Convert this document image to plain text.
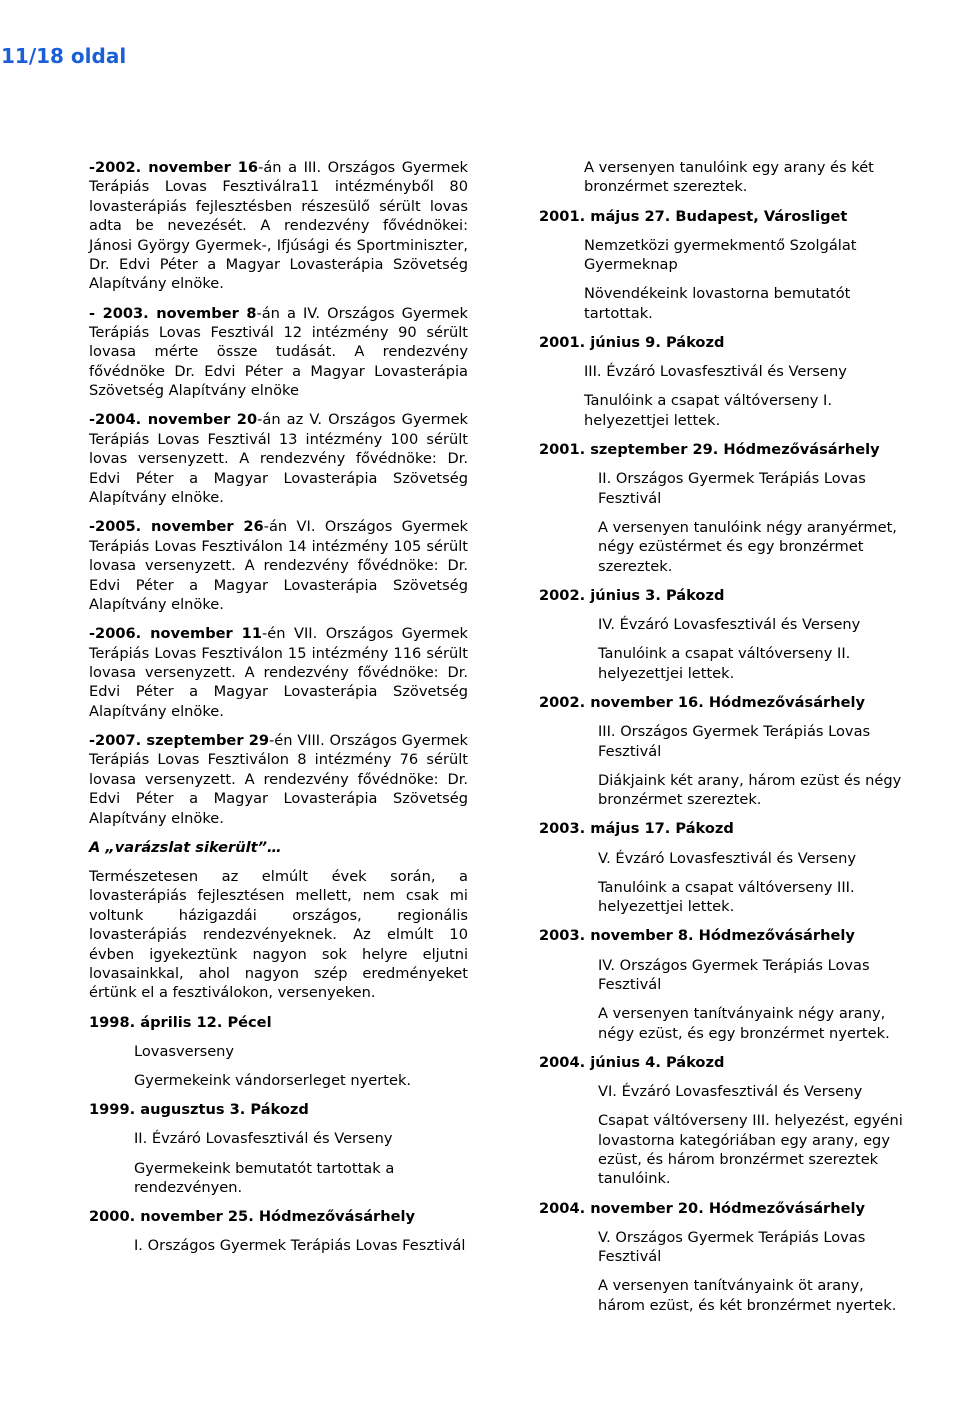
11/18 oldal

-2002. november 16-án a III. Országos Gyermek Terápiás Lovas Fesztiválra11 intézményből 80 lovasterápiás fejlesztésben részesülő sérült lovas adta be nevezését. A rendezvény fővédnökei: Jánosi György Gyermek-, Ifjúsági és Sportminiszter, Dr. Edvi Péter a Magyar Lovasterápia Szövetség Alapítvány elnöke.

- 2003. november 8-án a IV. Országos Gyermek Terápiás Lovas Fesztivál 12 intézmény 90 sérült lovasa mérte össze tudását. A rendezvény fővédnöke Dr. Edvi Péter a Magyar Lovasterápia Szövetség Alapítvány elnöke

-2004. november 20-án az V. Országos Gyermek Terápiás Lovas Fesztivál 13 intézmény 100 sérült lovas versenyzett. A rendezvény fővédnöke: Dr. Edvi Péter a Magyar Lovasterápia Szövetség Alapítvány elnöke.

-2005. november 26-án VI. Országos Gyermek Terápiás Lovas Fesztiválon 14 intézmény 105 sérült lovasa versenyzett. A rendezvény fővédnöke: Dr. Edvi Péter a Magyar Lovasterápia Szövetség Alapítvány elnöke.

-2006. november 11-én VII. Országos Gyermek Terápiás Lovas Fesztiválon 15 intézmény 116 sérült lovasa versenyzett. A rendezvény fővédnöke: Dr. Edvi Péter a Magyar Lovasterápia Szövetség Alapítvány elnöke.

-2007. szeptember 29-én VIII. Országos Gyermek Terápiás Lovas Fesztiválon 8 intézmény 76 sérült lovasa versenyzett. A rendezvény fővédnöke: Dr. Edvi Péter a Magyar Lovasterápia Szövetség Alapítvány elnöke.

A „varázslat sikerült”…

Természetesen az elmúlt évek során, a lovasterápiás fejlesztésen mellett, nem csak mi voltunk házigazdái országos, regionális lovasterápiás rendezvényeknek. Az elmúlt 10 évben igyekeztünk nagyon sok helyre eljutni lovasainkkal, ahol nagyon szép eredményeket értünk el a fesztiválokon, versenyeken.

1998. április 12. Pécel

Lovasverseny

Gyermekeink vándorserleget nyertek.

1999. augusztus 3. Pákozd

II. Évzáró Lovasfesztivál és Verseny

Gyermekeink bemutatót tartottak a rendezvényen.

2000. november 25. Hódmezővásárhely

I. Országos Gyermek Terápiás Lovas Fesztivál

A versenyen tanulóink egy arany és két bronzérmet szereztek.

2001. május 27. Budapest, Városliget

Nemzetközi gyermekmentő Szolgálat Gyermeknap

Növendékeink lovastorna bemutatót tartottak.

2001. június 9. Pákozd

III. Évzáró Lovasfesztivál és Verseny

Tanulóink a csapat váltóverseny I. helyezettjei lettek.

2001. szeptember 29. Hódmezővásárhely

II. Országos Gyermek Terápiás Lovas Fesztivál

A versenyen tanulóink négy aranyérmet, négy ezüstérmet és egy bronzérmet szereztek.

2002. június 3. Pákozd

IV. Évzáró Lovasfesztivál és Verseny

Tanulóink a csapat váltóverseny II. helyezettjei lettek.

2002. november 16. Hódmezővásárhely

III. Országos Gyermek Terápiás Lovas Fesztivál

Diákjaink két arany, három ezüst és négy bronzérmet szereztek.

2003. május 17. Pákozd

V. Évzáró Lovasfesztivál és Verseny

Tanulóink a csapat váltóverseny III. helyezettjei lettek.

2003. november 8. Hódmezővásárhely

IV. Országos Gyermek Terápiás Lovas Fesztivál

A versenyen tanítványaink négy arany, négy ezüst, és egy bronzérmet nyertek.

2004. június 4. Pákozd

VI. Évzáró Lovasfesztivál és Verseny

Csapat váltóverseny III. helyezést, egyéni lovastorna kategóriában egy arany, egy ezüst, és három bronzérmet szereztek tanulóink.

2004. november 20. Hódmezővásárhely

V. Országos Gyermek Terápiás Lovas Fesztivál

A versenyen tanítványaink öt arany, három ezüst, és két bronzérmet nyertek.
